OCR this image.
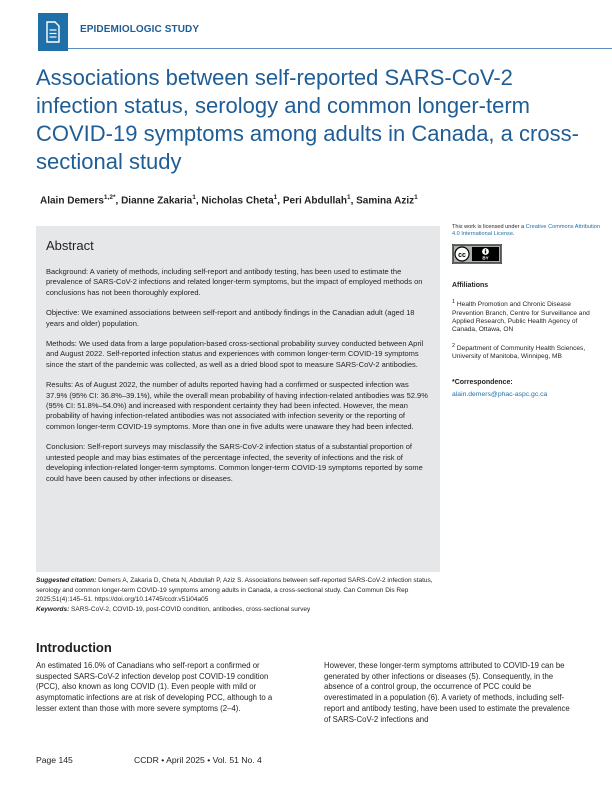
EPIDEMIOLOGIC STUDY
Associations between self-reported SARS-CoV-2 infection status, serology and common longer-term COVID-19 symptoms among adults in Canada, a cross-sectional study
Alain Demers$^{1,2*}$, Dianne Zakaria$^1$, Nicholas Cheta$^1$, Peri Abdullah$^1$, Samina Aziz$^1$
Abstract

Background: A variety of methods, including self-report and antibody testing, has been used to estimate the prevalence of SARS-CoV-2 infections and related longer-term symptoms, but the impact of employed methods on conclusions has not been thoroughly explored.

Objective: We examined associations between self-report and antibody findings in the Canadian adult (aged 18 years and older) population.

Methods: We used data from a large population-based cross-sectional probability survey conducted between April and August 2022. Self-reported infection status and experiences with common longer-term COVID-19 symptoms since the start of the pandemic was collected, as well as a dried blood spot to measure SARS-CoV-2 antibodies.

Results: As of August 2022, the number of adults reported having had a confirmed or suspected infection was 37.9% (95% CI: 36.8%–39.1%), while the overall mean probability of having infection-related antibodies was 52.9% (95% CI: 51.8%–54.0%) and increased with respondent certainty they had been infected. However, the mean probability of having infection-related antibodies was not associated with infection severity or the reporting of common longer-term COVID-19 symptoms. More than one in five adults were unaware they had been infected.

Conclusion: Self-report surveys may misclassify the SARS-CoV-2 infection status of a substantial proportion of untested people and may bias estimates of the percentage infected, the severity of infections and the risk of developing infection-related longer-term symptoms. Common longer-term COVID-19 symptoms reported by some could have been caused by other infections or diseases.

Suggested citation: Demers A, Zakaria D, Cheta N, Abdullah P, Aziz S. Associations between self-reported SARS-CoV-2 infection status, serology and common longer-term COVID-19 symptoms among adults in Canada, a cross-sectional study. Can Commun Dis Rep 2025;51(4):145–51. https://doi.org/10.14745/ccdr.v51i04a05
Keywords: SARS-CoV-2, COVID-19, post-COVID condition, antibodies, cross-sectional survey
This work is licensed under a Creative Commons Attribution 4.0 International License.
cc	BY
Affiliations
$^1$ Health Promotion and Chronic Disease Prevention Branch, Centre for Surveillance and Applied Research, Public Health Agency of Canada, Ottawa, ON
$^2$ Department of Community Health Sciences, University of Manitoba, Winnipeg, MB
*Correspondence:
alain.demers@phac-aspc.gc.ca
Introduction

An estimated 16.0% of Canadians who self-report a confirmed or suspected SARS-CoV-2 infection develop post COVID-19 condition (PCC), also known as long COVID (1). Even people with mild or asymptomatic infections are at risk of developing PCC, although to a lesser extent than those with more severe symptoms (2–4).

However, these longer-term symptoms attributed to COVID-19 can be generated by other infections or diseases (5). Consequently, in the absence of a control group, the occurrence of PCC could be overestimated in a population (6). A variety of methods, including self-report and antibody testing, have been used to estimate the prevalence of SARS-CoV-2 infections and

Page 145	CCDR • April 2025 • Vol. 51 No. 4
